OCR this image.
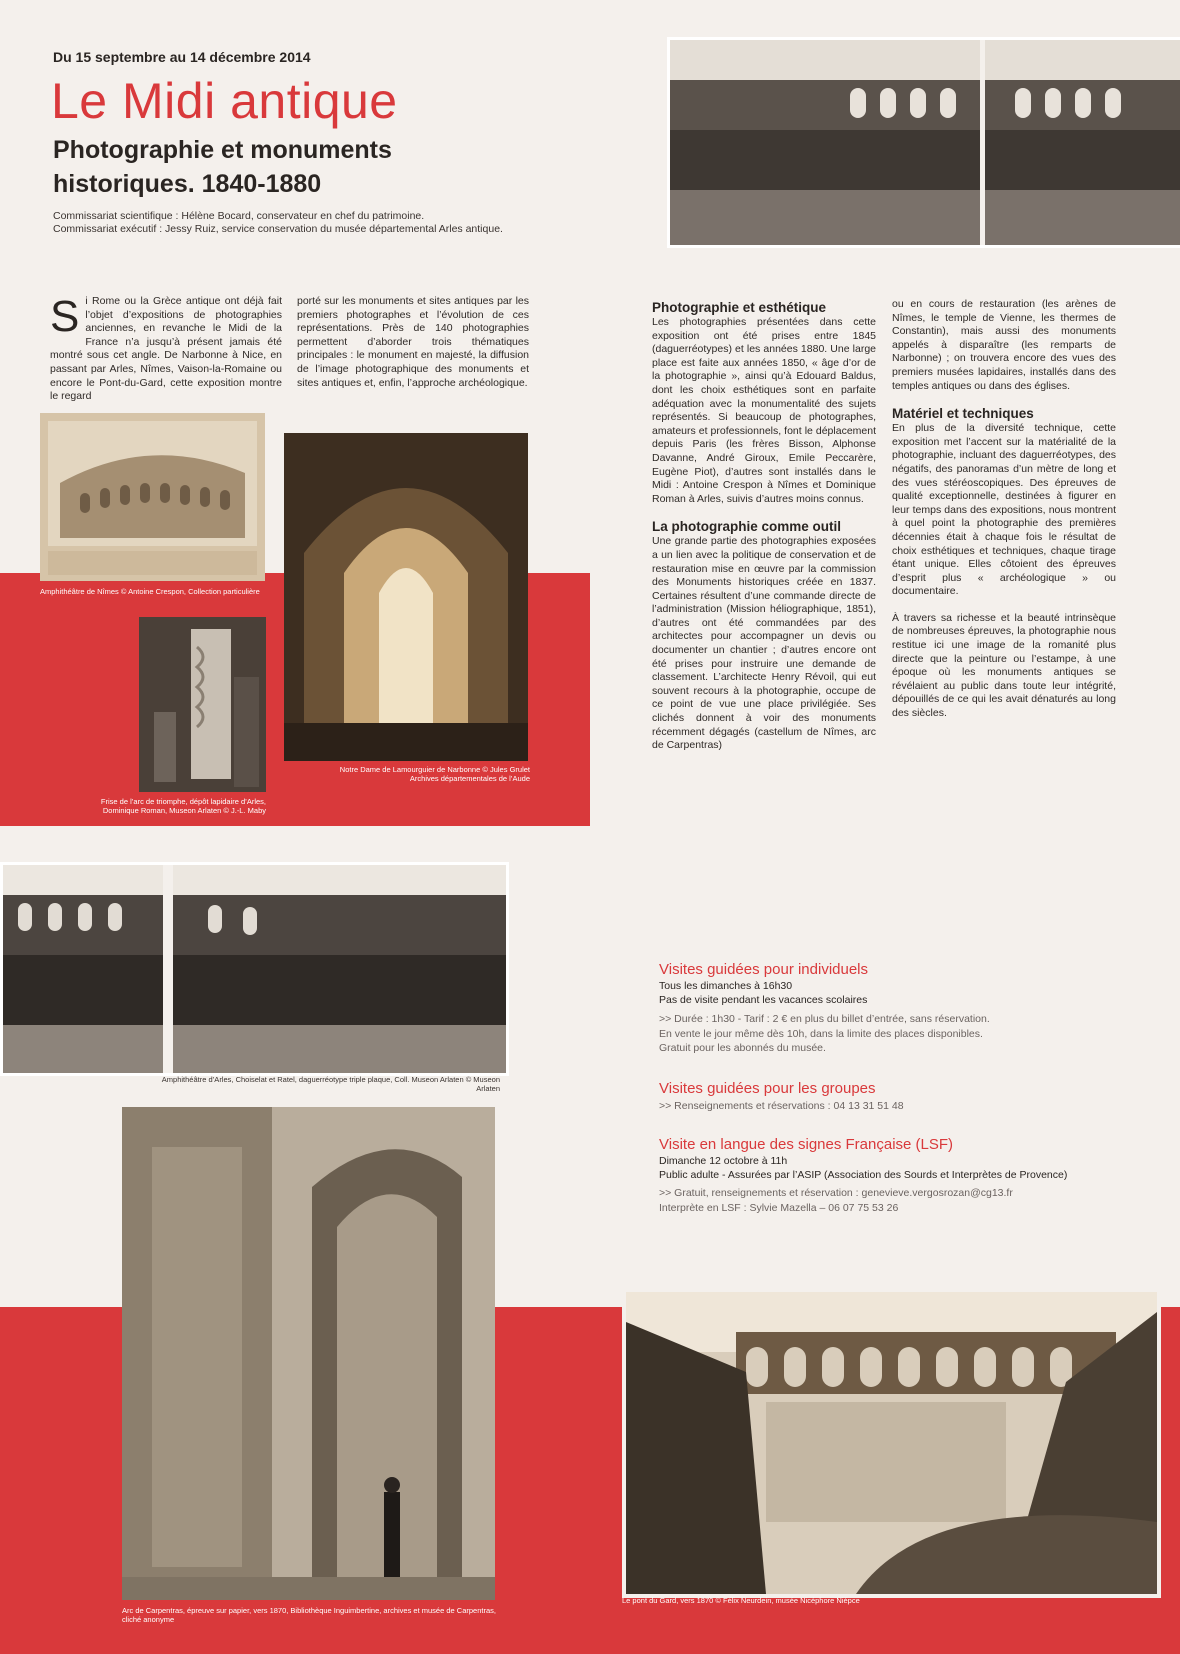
Du 15 septembre au 14 décembre 2014
Le Midi antique
Photographie et monuments
historiques. 1840-1880
Commissariat scientifique : Hélène Bocard, conservateur en chef du patrimoine.
Commissariat exécutif : Jessy Ruiz, service conservation du musée départemental Arles antique.
Si Rome ou la Grèce antique ont déjà fait l’objet d’expositions de photographies anciennes, en revanche le Midi de la France n’a jusqu’à présent jamais été montré sous cet angle. De Narbonne à Nice, en passant par Arles, Nîmes, Vaison-la-Romaine ou encore le Pont-du-Gard, cette exposition montre le regard
porté sur les monuments et sites antiques par les premiers photographes et l’évolution de ces représentations. Près de 140 photographies permettent d’aborder trois thématiques principales : le monument en majesté, la diffusion de l’image photographique des monuments et sites antiques et, enfin, l’approche archéologique.
Amphithéâtre de Nîmes © Antoine Crespon, Collection particulière
Notre Dame de Lamourguier de Narbonne © Jules Grulet
Archives départementales de l’Aude
Frise de l’arc de triomphe, dépôt lapidaire d’Arles,
Dominique Roman, Museon Arlaten © J.-L. Maby
Photographie et esthétique

Les photographies présentées dans cette exposition ont été prises entre 1845 (daguerréotypes) et les années 1880. Une large place est faite aux années 1850, « âge d’or de la photographie », ainsi qu’à Edouard Baldus, dont les choix esthétiques sont en parfaite adéquation avec la monumentalité des sujets représentés. Si beaucoup de photographes, amateurs et professionnels, font le déplacement depuis Paris (les frères Bisson, Alphonse Davanne, André Giroux, Emile Peccarère, Eugène Piot), d’autres sont installés dans le Midi : Antoine Crespon à Nîmes et Dominique Roman à Arles, suivis d’autres moins connus.

La photographie comme outil

Une grande partie des photographies exposées a un lien avec la politique de conservation et de restauration mise en œuvre par la commission des Monuments historiques créée en 1837. Certaines résultent d’une commande directe de l’administration (Mission héliographique, 1851), d’autres ont été commandées par des architectes pour accompagner un devis ou documenter un chantier ; d’autres encore ont été prises pour instruire une demande de classement. L’architecte Henry Révoil, qui eut souvent recours à la photographie, occupe de ce point de vue une place privilégiée. Ses clichés donnent à voir des monuments récemment dégagés (castellum de Nîmes, arc de Carpentras)

ou en cours de restauration (les arènes de Nîmes, le temple de Vienne, les thermes de Constantin), mais aussi des monuments appelés à disparaître (les remparts de Narbonne) ; on trouvera encore des vues des premiers musées lapidaires, installés dans des temples antiques ou dans des églises.

Matériel et techniques

En plus de la diversité technique, cette exposition met l’accent sur la matérialité de la photographie, incluant des daguerréotypes, des négatifs, des panoramas d’un mètre de long et des vues stéréoscopiques. Des épreuves de qualité exceptionnelle, destinées à figurer en leur temps dans des expositions, nous montrent à quel point la photographie des premières décennies était à chaque fois le résultat de choix esthétiques et techniques, chaque tirage étant unique. Elles côtoient des épreuves d’esprit plus « archéologique » ou documentaire.

À travers sa richesse et la beauté intrinsèque de nombreuses épreuves, la photographie nous restitue ici une image de la romanité plus directe que la peinture ou l’estampe, à une époque où les monuments antiques se révélaient au public dans toute leur intégrité, dépouillés de ce qui les avait dénaturés au long des siècles.

Amphithéâtre d’Arles, Choiselat et Ratel, daguerréotype triple plaque, Coll. Museon Arlaten © Museon Arlaten
Visites guidées pour individuels
Tous les dimanches à 16h30
Pas de visite pendant les vacances scolaires
>> Durée : 1h30 - Tarif : 2 € en plus du billet d’entrée, sans réservation.
En vente le jour même dès 10h, dans la limite des places disponibles.
Gratuit pour les abonnés du musée.
Visites guidées pour les groupes
>> Renseignements et réservations : 04 13 31 51 48
Visite en langue des signes Française (LSF)
Dimanche 12 octobre à 11h
Public adulte - Assurées par l’ASIP (Association des Sourds et Interprètes de Provence)
>> Gratuit, renseignements et réservation : genevieve.vergosrozan@cg13.fr
Interprète en LSF : Sylvie Mazella – 06 07 75 53 26
Arc de Carpentras, épreuve sur papier, vers 1870, Bibliothèque Inguimbertine, archives et musée de Carpentras,
cliché anonyme
Le pont du Gard, vers 1870 © Félix Neurdein, musée Nicéphore Niépce
